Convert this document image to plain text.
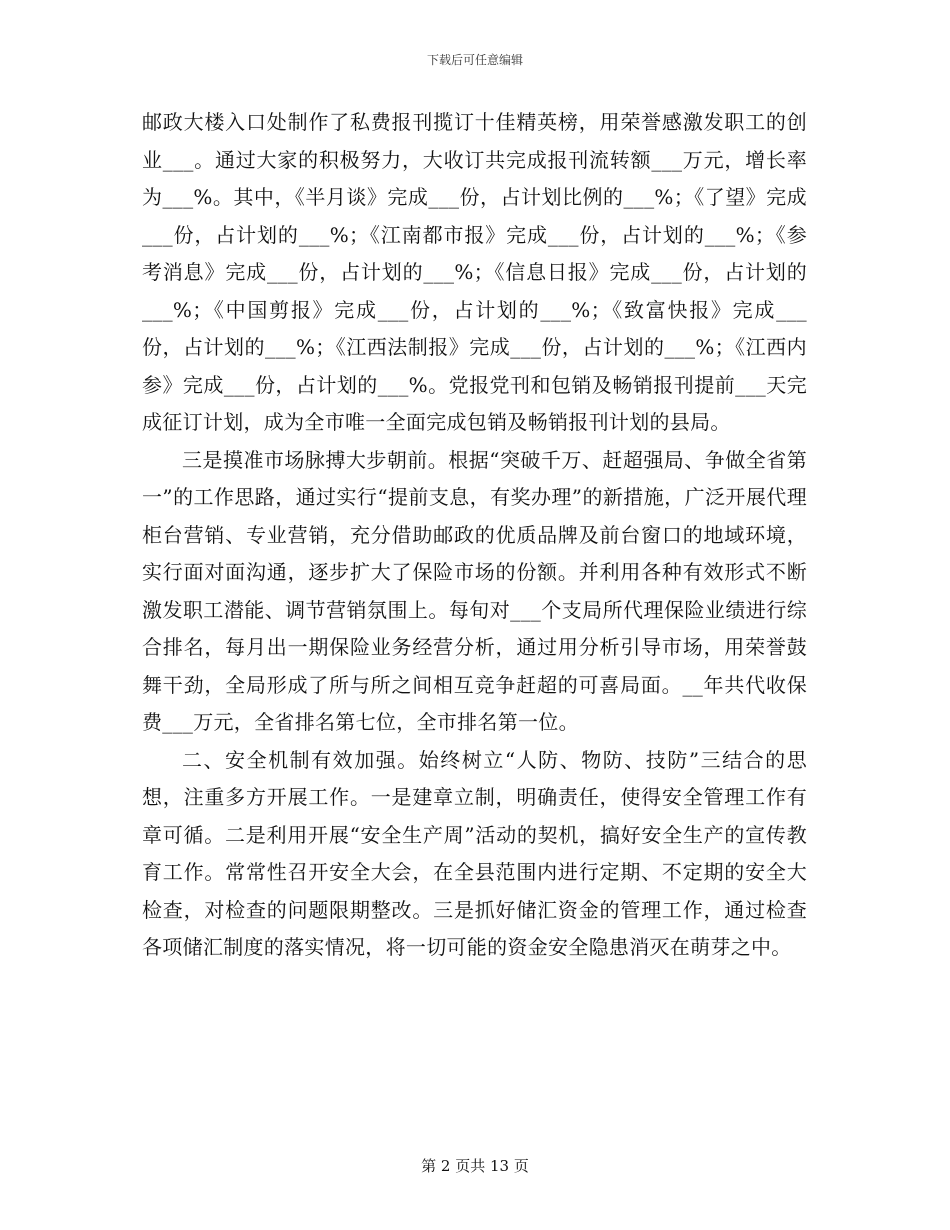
下载后可任意编辑

邮政大楼入口处制作了私费报刊揽订十佳精英榜，用荣誉感激发职工的创业___。通过大家的积极努力，大收订共完成报刊流转额___万元，增长率为___%。其中，《半月谈》完成___份，占计划比例的___%；《了望》完成___份，占计划的___%；《江南都市报》完成___份，占计划的___%；《参考消息》完成___份，占计划的___%；《信息日报》完成___份，占计划的___%；《中国剪报》完成___份，占计划的___%；《致富快报》完成___份，占计划的___%；《江西法制报》完成___份，占计划的___%；《江西内参》完成___份，占计划的___%。党报党刊和包销及畅销报刊提前___天完成征订计划，成为全市唯一全面完成包销及畅销报刊计划的县局。

三是摸准市场脉搏大步朝前。根据“突破千万、赶超强局、争做全省第一”的工作思路，通过实行“提前支息，有奖办理”的新措施，广泛开展代理柜台营销、专业营销，充分借助邮政的优质品牌及前台窗口的地域环境，实行面对面沟通，逐步扩大了保险市场的份额。并利用各种有效形式不断激发职工潜能、调节营销氛围上。每旬对___个支局所代理保险业绩进行综合排名，每月出一期保险业务经营分析，通过用分析引导市场，用荣誉鼓舞干劲，全局形成了所与所之间相互竞争赶超的可喜局面。__年共代收保费___万元，全省排名第七位，全市排名第一位。

二、安全机制有效加强。始终树立“人防、物防、技防”三结合的思想，注重多方开展工作。一是建章立制，明确责任，使得安全管理工作有章可循。二是利用开展“安全生产周”活动的契机，搞好安全生产的宣传教育工作。常常性召开安全大会，在全县范围内进行定期、不定期的安全大检查，对检查的问题限期整改。三是抓好储汇资金的管理工作，通过检查各项储汇制度的落实情况，将一切可能的资金安全隐患消灭在萌芽之中。

第 2 页共 13 页
